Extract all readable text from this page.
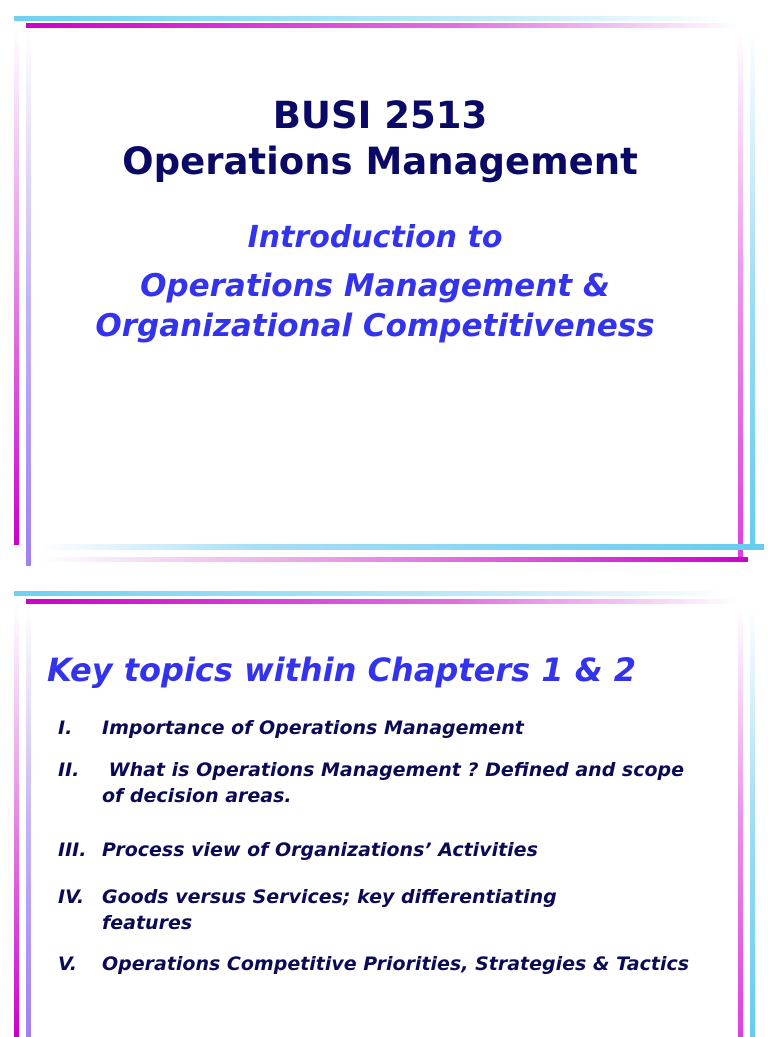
BUSI 2513
Operations Management
Introduction to
Operations Management &
Organizational Competitiveness
Key topics within Chapters 1 & 2
I.	Importance of Operations Management
II.	What is Operations Management ? Defined and scope of decision areas.
III. Process view of Organizations’ Activities
IV. Goods versus Services; key differentiating features
V.	Operations Competitive Priorities, Strategies & Tactics
